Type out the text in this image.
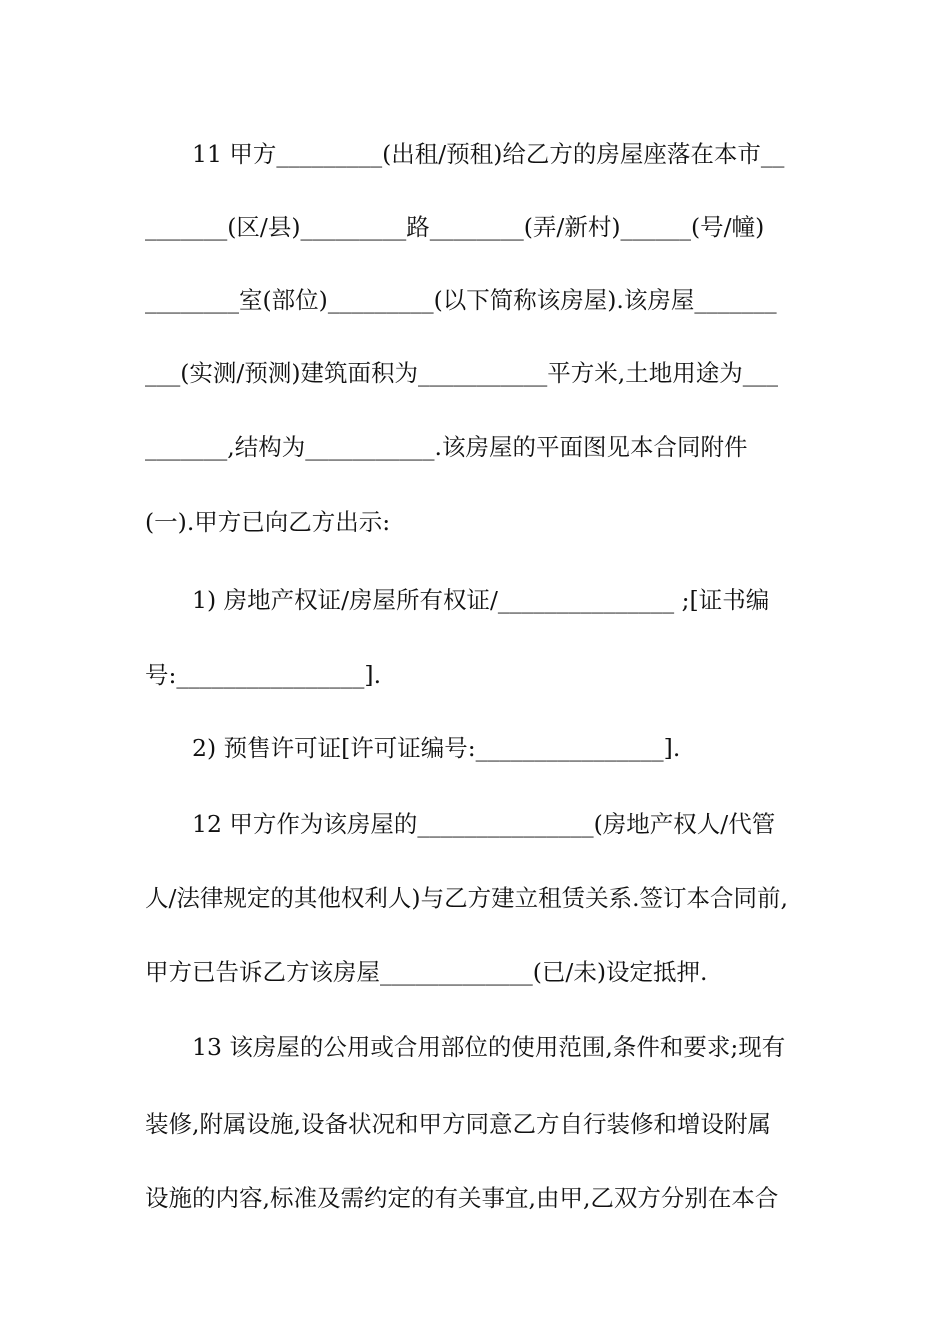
11 甲方_________(出租/预租)给乙方的房屋座落在本市__
_______(区/县)_________路________(弄/新村)______(号/幢)
________室(部位)_________(以下简称该房屋).该房屋_______
___(实测/预测)建筑面积为___________平方米,土地用途为___
_______,结构为___________.该房屋的平面图见本合同附件
(一).甲方已向乙方出示:
1) 房地产权证/房屋所有权证/_______________ ;[证书编
号:________________].
2) 预售许可证[许可证编号:________________].
12 甲方作为该房屋的_______________(房地产权人/代管
人/法律规定的其他权利人)与乙方建立租赁关系.签订本合同前,
甲方已告诉乙方该房屋_____________(已/未)设定抵押.
13 该房屋的公用或合用部位的使用范围,条件和要求;现有
装修,附属设施,设备状况和甲方同意乙方自行装修和增设附属
设施的内容,标准及需约定的有关事宜,由甲,乙双方分别在本合
